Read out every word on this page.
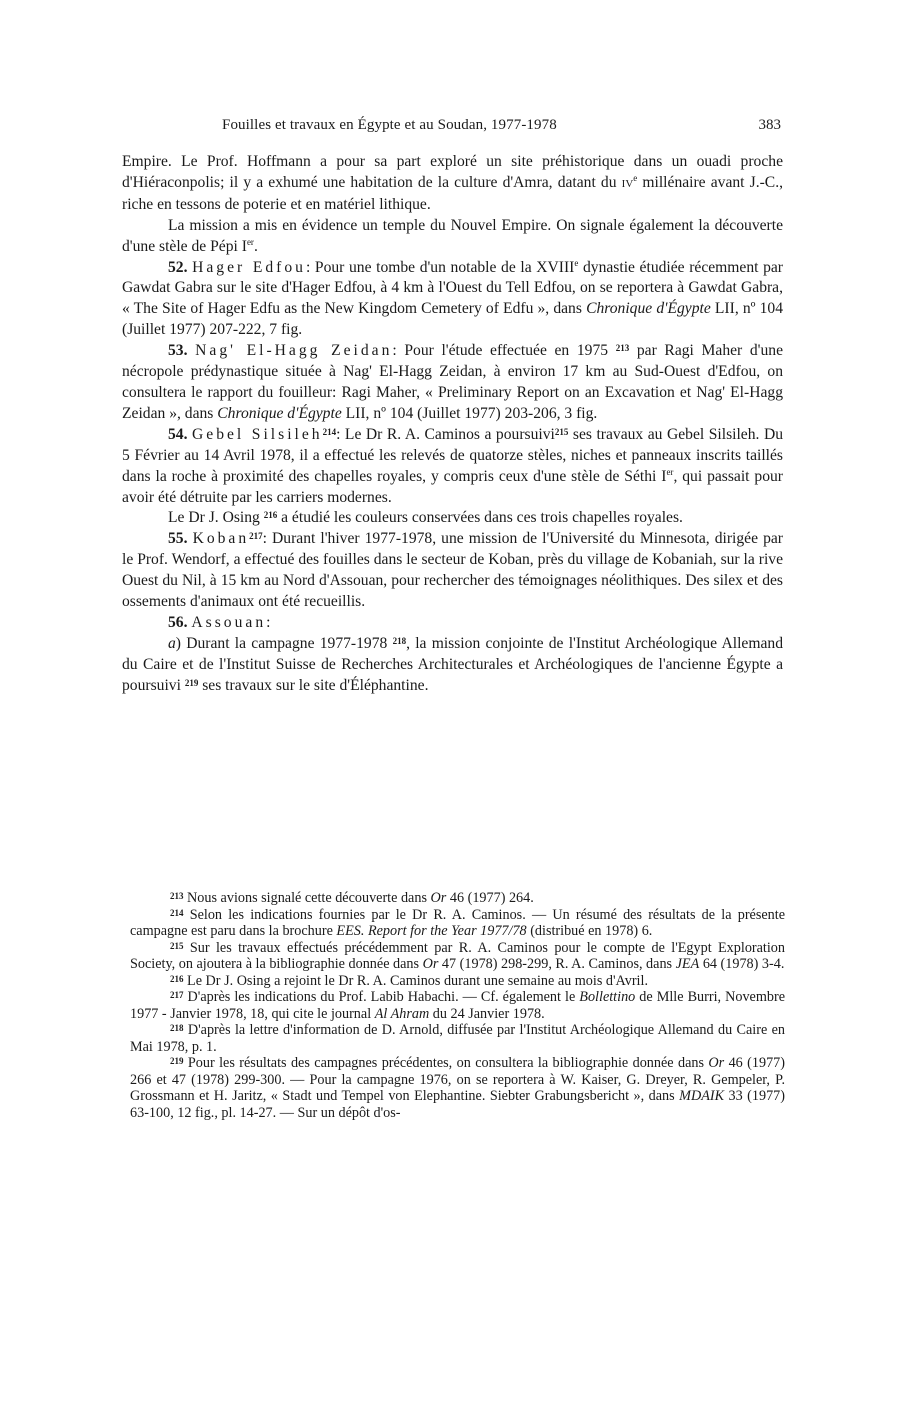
Fouilles et travaux en Égypte et au Soudan, 1977-1978	383

Empire. Le Prof. Hoffmann a pour sa part exploré un site préhistorique dans un ouadi proche d'Hiéraconpolis; il y a exhumé une habitation de la culture d'Amra, datant du IVe millénaire avant J.-C., riche en tessons de poterie et en matériel lithique.

La mission a mis en évidence un temple du Nouvel Empire. On signale également la découverte d'une stèle de Pépi Ier.

52. Hager Edfou: Pour une tombe d'un notable de la XVIIIe dynastie étudiée récemment par Gawdat Gabra sur le site d'Hager Edfou, à 4 km à l'Ouest du Tell Edfou, on se reportera à Gawdat Gabra, « The Site of Hager Edfu as the New Kingdom Cemetery of Edfu », dans Chronique d'Égypte LII, nº 104 (Juillet 1977) 207-222, 7 fig.

53. Nag' El-Hagg Zeidan: Pour l'étude effectuée en 1975 $^{213}$ par Ragi Maher d'une nécropole prédynastique située à Nag' El-Hagg Zeidan, à environ 17 km au Sud-Ouest d'Edfou, on consultera le rapport du fouilleur: Ragi Maher, « Preliminary Report on an Excavation et Nag' El-Hagg Zeidan », dans Chronique d'Égypte LII, nº 104 (Juillet 1977) 203-206, 3 fig.

54. Gebel Silsileh$^{214}$: Le Dr R. A. Caminos a poursuivi$^{215}$ ses travaux au Gebel Silsileh. Du 5 Février au 14 Avril 1978, il a effectué les relevés de quatorze stèles, niches et panneaux inscrits taillés dans la roche à proximité des chapelles royales, y compris ceux d'une stèle de Séthi Ier, qui passait pour avoir été détruite par les carriers modernes.

Le Dr J. Osing $^{216}$ a étudié les couleurs conservées dans ces trois chapelles royales.

55. Koban$^{217}$: Durant l'hiver 1977-1978, une mission de l'Université du Minnesota, dirigée par le Prof. Wendorf, a effectué des fouilles dans le secteur de Koban, près du village de Kobaniah, sur la rive Ouest du Nil, à 15 km au Nord d'Assouan, pour rechercher des témoignages néolithiques. Des silex et des ossements d'animaux ont été recueillis.

56. Assouan:

a) Durant la campagne 1977-1978 $^{218}$, la mission conjointe de l'Institut Archéologique Allemand du Caire et de l'Institut Suisse de Recherches Architecturales et Archéologiques de l'ancienne Égypte a poursuivi $^{219}$ ses travaux sur le site d'Éléphantine.

$^{213}$ Nous avions signalé cette découverte dans Or 46 (1977) 264.

$^{214}$ Selon les indications fournies par le Dr R. A. Caminos. — Un résumé des résultats de la présente campagne est paru dans la brochure EES. Report for the Year 1977/78 (distribué en 1978) 6.

$^{215}$ Sur les travaux effectués précédemment par R. A. Caminos pour le compte de l'Egypt Exploration Society, on ajoutera à la bibliographie donnée dans Or 47 (1978) 298-299, R. A. Caminos, dans JEA 64 (1978) 3-4.

$^{216}$ Le Dr J. Osing a rejoint le Dr R. A. Caminos durant une semaine au mois d'Avril.

$^{217}$ D'après les indications du Prof. Labib Habachi. — Cf. également le Bollettino de Mlle Burri, Novembre 1977 - Janvier 1978, 18, qui cite le journal Al Ahram du 24 Janvier 1978.

$^{218}$ D'après la lettre d'information de D. Arnold, diffusée par l'Institut Archéologique Allemand du Caire en Mai 1978, p. 1.

$^{219}$ Pour les résultats des campagnes précédentes, on consultera la bibliographie donnée dans Or 46 (1977) 266 et 47 (1978) 299-300. — Pour la campagne 1976, on se reportera à W. Kaiser, G. Dreyer, R. Gempeler, P. Grossmann et H. Jaritz, « Stadt und Tempel von Elephantine. Siebter Grabungsbericht », dans MDAIK 33 (1977) 63-100, 12 fig., pl. 14-27. — Sur un dépôt d'os-
